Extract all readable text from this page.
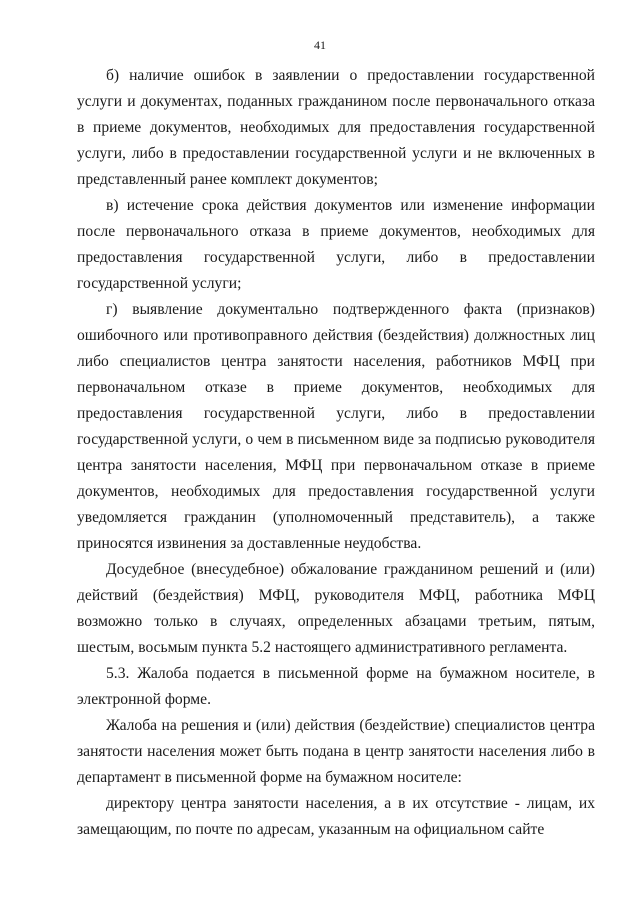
41

б) наличие ошибок в заявлении о предоставлении государственной услуги и документах, поданных гражданином после первоначального отказа в приеме документов, необходимых для предоставления государственной услуги, либо в предоставлении государственной услуги и не включенных в представленный ранее комплект документов;

в) истечение срока действия документов или изменение информации после первоначального отказа в приеме документов, необходимых для предоставления государственной услуги, либо в предоставлении государственной услуги;

г) выявление документально подтвержденного факта (признаков) ошибочного или противоправного действия (бездействия) должностных лиц либо специалистов центра занятости населения, работников МФЦ при первоначальном отказе в приеме документов, необходимых для предоставления государственной услуги, либо в предоставлении государственной услуги, о чем в письменном виде за подписью руководителя центра занятости населения, МФЦ при первоначальном отказе в приеме документов, необходимых для предоставления государственной услуги уведомляется гражданин (уполномоченный представитель), а также приносятся извинения за доставленные неудобства.

Досудебное (внесудебное) обжалование гражданином решений и (или) действий (бездействия) МФЦ, руководителя МФЦ, работника МФЦ возможно только в случаях, определенных абзацами третьим, пятым, шестым, восьмым пункта 5.2 настоящего административного регламента.

5.3. Жалоба подается в письменной форме на бумажном носителе, в электронной форме.

Жалоба на решения и (или) действия (бездействие) специалистов центра занятости населения может быть подана в центр занятости населения либо в департамент в письменной форме на бумажном носителе:

директору центра занятости населения, а в их отсутствие - лицам, их замещающим, по почте по адресам, указанным на официальном сайте
